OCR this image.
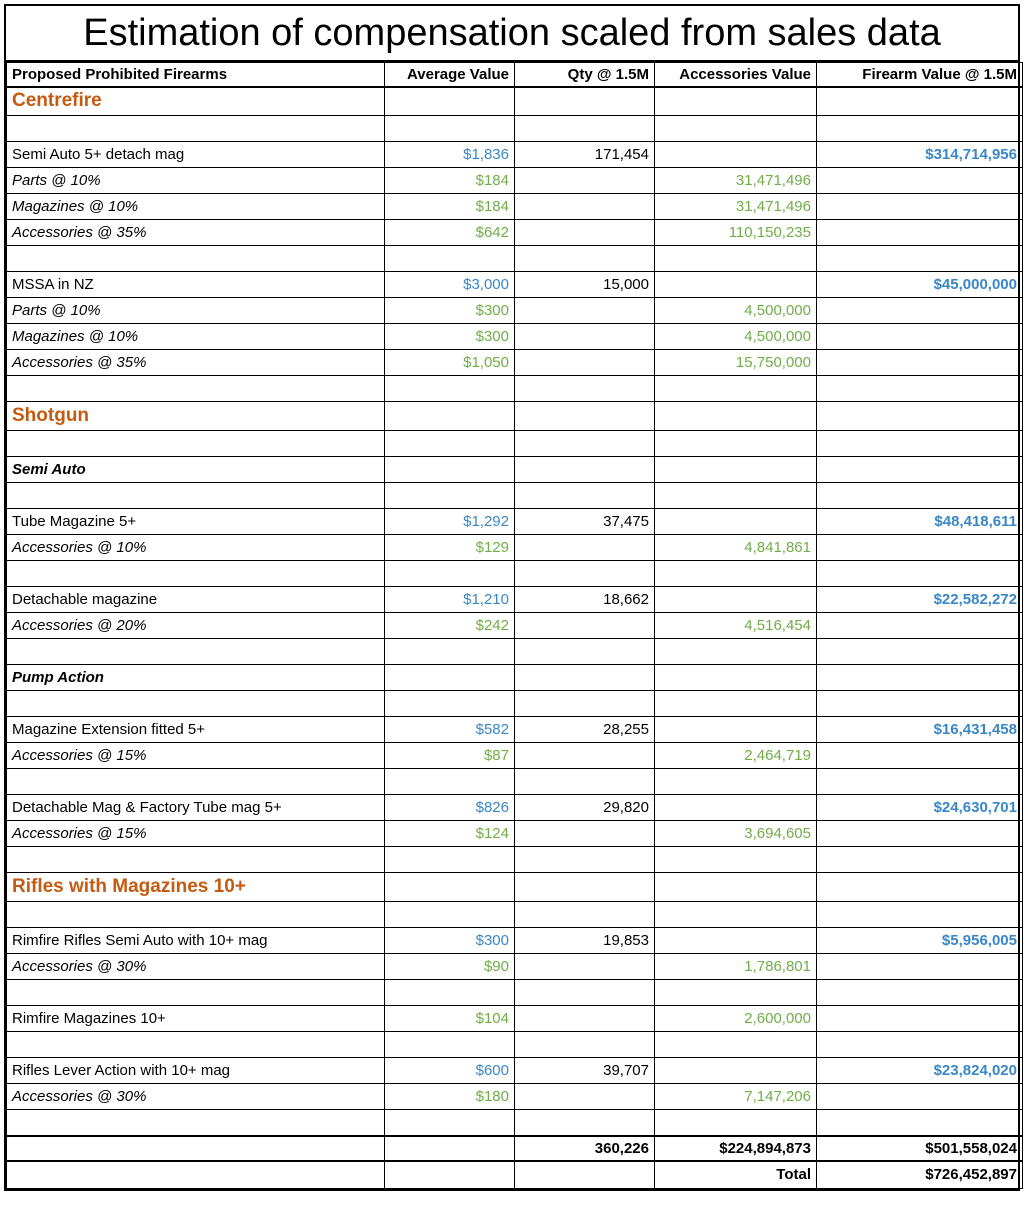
Estimation of compensation scaled from sales data
Proposed Prohibited Firearms	Average Value	Qty @ 1.5M	Accessories Value	Firearm Value @ 1.5M
Centrefire				

Semi Auto 5+ detach mag	$1,836	171,454		$314,714,956
Parts @ 10%	$184		31,471,496	
Magazines @ 10%	$184		31,471,496	
Accessories @ 35%	$642		110,150,235	

MSSA in NZ	$3,000	15,000		$45,000,000
Parts @ 10%	$300		4,500,000	
Magazines @ 10%	$300		4,500,000	
Accessories @ 35%	$1,050		15,750,000	

Shotgun				

Semi Auto				

Tube Magazine 5+	$1,292	37,475		$48,418,611
Accessories @ 10%	$129		4,841,861	

Detachable magazine	$1,210	18,662		$22,582,272
Accessories @ 20%	$242		4,516,454	

Pump Action				

Magazine Extension fitted 5+	$582	28,255		$16,431,458
Accessories @ 15%	$87		2,464,719	

Detachable Mag & Factory Tube mag 5+	$826	29,820		$24,630,701
Accessories @ 15%	$124		3,694,605	

Rifles with Magazines 10+				

Rimfire Rifles Semi Auto with 10+ mag	$300	19,853		$5,956,005
Accessories @ 30%	$90		1,786,801	

Rimfire Magazines 10+	$104		2,600,000	

Rifles Lever Action with 10+ mag	$600	39,707		$23,824,020
Accessories @ 30%	$180		7,147,206	

		360,226	$224,894,873	$501,558,024
			Total	$726,452,897
